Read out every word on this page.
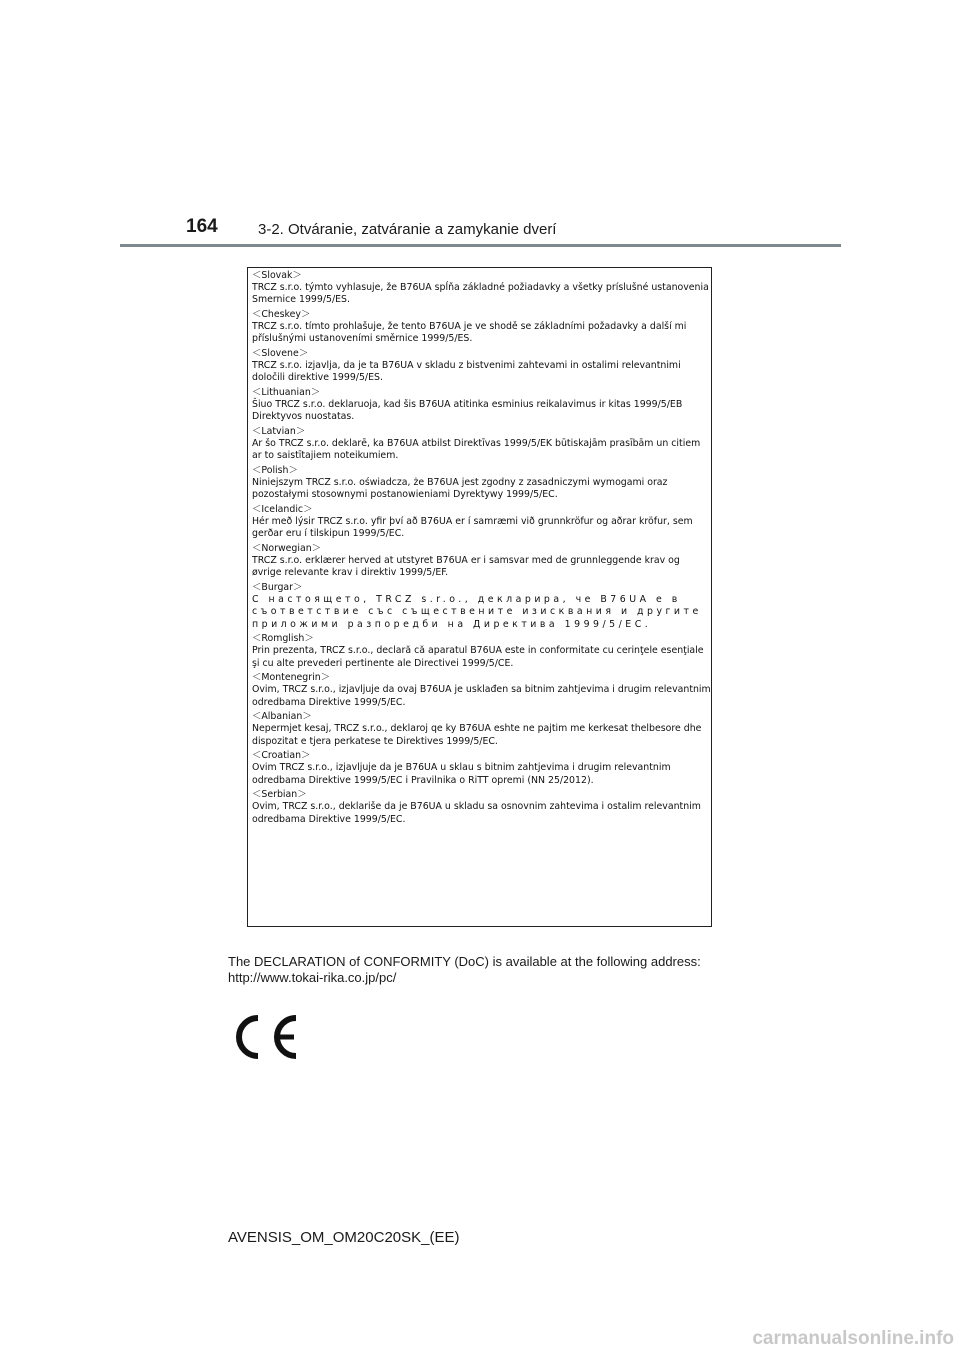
164	3-2. Otváranie, zatváranie a zamykanie dverí
＜ Slovak ＞
TRCZ s.r.o. týmto vyhlasuje, že B76UA spĺňa základné požiadavky a všetky príslušné ustanovenia Smernice 1999/5/ES.
＜ Cheskey ＞
TRCZ s.r.o. tímto prohlašuje, že tento B76UA je ve shodě se základními požadavky a další mi příslušnými ustanoveními směrnice 1999/5/ES.
＜ Slovene ＞
TRCZ s.r.o. izjavlja, da je ta B76UA v skladu z bistvenimi zahtevami in ostalimi relevantnimi določili direktive 1999/5/ES.
＜ Lithuanian ＞
Šiuo TRCZ s.r.o. deklaruoja, kad šis B76UA atitinka esminius reikalavimus ir kitas 1999/5/EB Direktyvos nuostatas.
＜ Latvian ＞
Ar šo TRCZ s.r.o. deklarē, ka B76UA atbilst Direktīvas 1999/5/EK būtiskajām prasībām un citiem ar to saistītajiem noteikumiem.
＜ Polish ＞
Niniejszym TRCZ s.r.o. oświadcza, że B76UA jest zgodny z zasadniczymi wymogami oraz pozostałymi stosownymi postanowieniami Dyrektywy 1999/5/EC.
＜ Icelandic ＞
Hér með lýsir TRCZ s.r.o. yfir því að B76UA er í samræmi við grunnkröfur og aðrar kröfur, sem gerðar eru í tilskipun 1999/5/EC.
＜ Norwegian ＞
TRCZ s.r.o. erklærer herved at utstyret B76UA er i samsvar med de grunnleggende krav og øvrige relevante krav i direktiv 1999/5/EF.
＜ Burgar ＞
С настоящето, TRCZ s.r.o., декларира, че B76UA е в съответствие със съществените изисквания и другите приложими разпоредби на Директива 1999/5/ЕС.
＜ Romglish ＞
Prin prezenta, TRCZ s.r.o., declară că aparatul B76UA este in conformitate cu cerinţele esenţiale şi cu alte prevederi pertinente ale Directivei 1999/5/CE.
＜ Montenegrin ＞
Ovim, TRCZ s.r.o., izjavljuje da ovaj B76UA je usklađen sa bitnim zahtjevima i drugim relevantnim odredbama Direktive 1999/5/EC.
＜ Albanian ＞
Nepermjet kesaj, TRCZ s.r.o., deklaroj qe ky B76UA eshte ne pajtim me kerkesat thelbesore dhe dispozitat e tjera perkatese te Direktives 1999/5/EC.
＜ Croatian ＞
Ovim TRCZ s.r.o., izjavljuje da je B76UA u sklau s bitnim zahtjevima i drugim relevantnim odredbama Direktive 1999/5/EC i Pravilnika o RiTT opremi (NN 25/2012).
＜ Serbian ＞
Ovim, TRCZ s.r.o., deklariše da je B76UA u skladu sa osnovnim zahtevima i ostalim relevantnim odredbama Direktive 1999/5/EC.
The DECLARATION of CONFORMITY (DoC) is available at the following address:
http://www.tokai-rika.co.jp/pc/
AVENSIS_OM_OM20C20SK_(EE)
carmanualsonline.info
